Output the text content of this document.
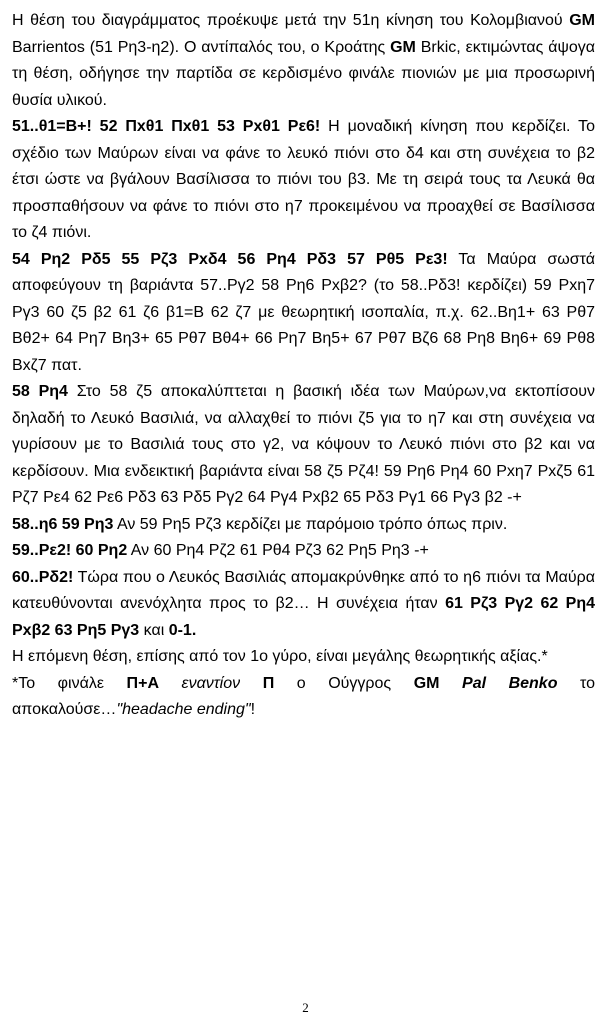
Η θέση του διαγράμματος προέκυψε μετά την 51η κίνηση του Κολομβιανού GM Barrientos (51 Ρη3-η2). Ο αντίπαλός του, ο Κροάτης GM Brkic, εκτιμώντας άψογα τη θέση, οδήγησε την παρτίδα σε κερδισμένο φινάλε πιονιών με μια προσωρινή θυσία υλικού.

51..θ1=Β+! 52 Πxθ1 Πxθ1 53 Ρxθ1 Ρε6! Η μοναδική κίνηση που κερδίζει. Το σχέδιο των Μαύρων είναι να φάνε το λευκό πιόνι στο δ4 και στη συνέχεια το β2 έτσι ώστε να βγάλουν Βασίλισσα το πιόνι του β3. Με τη σειρά τους τα Λευκά θα προσπαθήσουν να φάνε το πιόνι στο η7 προκειμένου να προαχθεί σε Βασίλισσα το ζ4 πιόνι.

54 Ρη2 Ρδ5 55 Ρζ3 Ρxδ4 56 Ρη4 Ρδ3 57 Ρθ5 Ρε3! Τα Μαύρα σωστά αποφεύγουν τη βαριάντα 57..Ργ2 58 Ρη6 Ρxβ2? (το 58..Ρδ3! κερδίζει) 59 Ρxη7 Ργ3 60 ζ5 β2 61 ζ6 β1=Β 62 ζ7 με θεωρητική ισοπαλία, π.χ. 62..Βη1+ 63 Ρθ7 Βθ2+ 64 Ρη7 Βη3+ 65 Ρθ7 Βθ4+ 66 Ρη7 Βη5+ 67 Ρθ7 Βζ6 68 Ρη8 Βη6+ 69 Ρθ8 Βxζ7 πατ.

58 Ρη4 Στο 58 ζ5 αποκαλύπτεται η βασική ιδέα των Μαύρων,να εκτοπίσουν δηλαδή το Λευκό Βασιλιά, να αλλαχθεί το πιόνι ζ5 για το η7 και στη συνέχεια να γυρίσουν με το Βασιλιά τους στο γ2, να κόψουν το Λευκό πιόνι στο β2 και να κερδίσουν. Μια ενδεικτική βαριάντα είναι 58 ζ5 Ρζ4! 59 Ρη6 Ρη4 60 Ρxη7 Ρxζ5 61 Ρζ7 Ρε4 62 Ρε6 Ρδ3 63 Ρδ5 Ργ2 64 Ργ4 Ρxβ2 65 Ρδ3 Ργ1 66 Ργ3 β2 -+

58..η6 59 Ρη3 Αν 59 Ρη5 Ρζ3 κερδίζει με παρόμοιο τρόπο όπως πριν.

59..Ρε2! 60 Ρη2 Αν 60 Ρη4 Ρζ2 61 Ρθ4 Ρζ3 62 Ρη5 Ρη3 -+

60..Ρδ2! Τώρα που ο Λευκός Βασιλιάς απομακρύνθηκε από το η6 πιόνι τα Μαύρα κατευθύνονται ανενόχλητα προς το β2… Η συνέχεια ήταν 61 Ρζ3 Ργ2 62 Ρη4 Ρxβ2 63 Ρη5 Ργ3 και 0-1.

Η επόμενη θέση, επίσης από τον 1ο γύρο, είναι μεγάλης θεωρητικής αξίας.*

*Το φινάλε Π+Α εναντίον Π ο Ούγγρος GM Pal Benko το αποκαλούσε…"headache ending"!

2
